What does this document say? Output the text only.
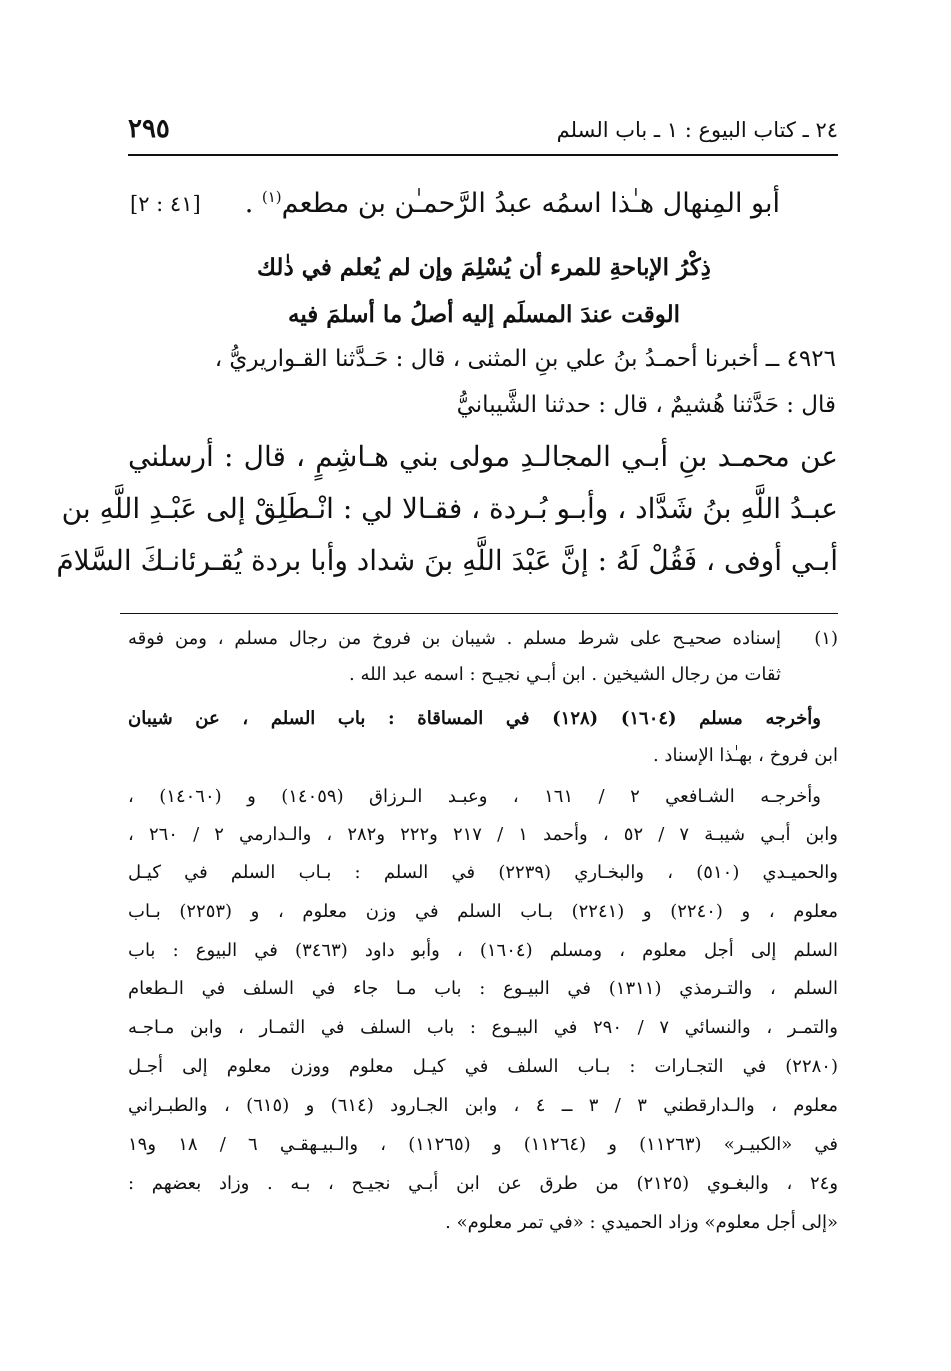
٢٤ ـ كتاب البيوع : ١ ـ باب السلم
٢٩٥
أبو المِنهال هـٰذا اسمُه عبدُ الرَّحمـٰن بن مطعم$^{(١)}$ .
[٤١ : ٢]
ذِكْرُ الإباحةِ للمرء أن يُسْلِمَ وإن لم يُعلم في ذٰلك
الوقت عندَ المسلَم إليه أصلُ ما أسلمَ فيه
٤٩٢٦ ــ أخبرنا أحمـدُ بنُ علي بنِ المثنى ، قال : حَـدَّثنا القـواريريُّ ،
قال : حَدَّثنا هُشيمٌ ، قال : حدثنا الشَّيبانيُّ
عن محمـد بنِ أبـي المجالـدِ مولى بني هـاشِمٍ ، قال : أرسلني
عبـدُ اللَّهِ بنُ شَدَّاد ، وأبـو بُـردة ، فقـالا لي : انْـطَلِقْ إلى عَبْـدِ اللَّهِ بن
أبـي أوفى ، فَقُلْ لَهُ : إنَّ عَبْدَ اللَّهِ بنَ شداد وأبا بردة يُقـرئانـكَ السَّلامَ
(١)
إسناده صحيـح على شرط مسلم . شيبان بن فروخ من رجال مسلم ، ومن فوقه
ثقات من رجال الشيخين . ابن أبـي نجيـح : اسمه عبد الله .
وأخرجه مسلم (١٦٠٤) (١٢٨) في المساقاة : باب السلم ، عن شيبان
ابن فروخ ، بهـٰذا الإسناد .
وأخرجـه الشـافعي ٢ / ١٦١ ، وعبـد الـرزاق (١٤٠٥٩) و (١٤٠٦٠) ،
وابن أبـي شيبـة ٧ / ٥٢ ، وأحمد ١ / ٢١٧ و٢٢٢ و٢٨٢ ، والـدارمي ٢ / ٢٦٠ ،
والحميـدي (٥١٠) ، والبخـاري (٢٢٣٩) في السلم : بـاب السلم في كيـل
معلوم ، و (٢٢٤٠) و (٢٢٤١) بـاب السلم في وزن معلوم ، و (٢٢٥٣) بـاب
السلم إلى أجل معلوم ، ومسلم (١٦٠٤) ، وأبو داود (٣٤٦٣) في البيوع : باب
السلم ، والتـرمذي (١٣١١) في البيـوع : باب مـا جاء في السلف في الـطعام
والتمـر ، والنسائي ٧ / ٢٩٠ في البيـوع : باب السلف في الثمـار ، وابن مـاجـه
(٢٢٨٠) في التجـارات : بـاب السلف في كيـل معلوم ووزن معلوم إلى أجـل
معلوم ، والـدارقطني ٣ / ٣ ــ ٤ ، وابن الجـارود (٦١٤) و (٦١٥) ، والطبـراني
في «الكبيـر» (١١٢٦٣) و (١١٢٦٤) و (١١٢٦٥) ، والـبيـهقـي ٦ / ١٨ و١٩
و٢٤ ، والبغـوي (٢١٢٥) من طرق عن ابن أبـي نجيـح ، بـه . وزاد بعضهم :
«إلى أجل معلوم» وزاد الحميدي : «في تمر معلوم» .
